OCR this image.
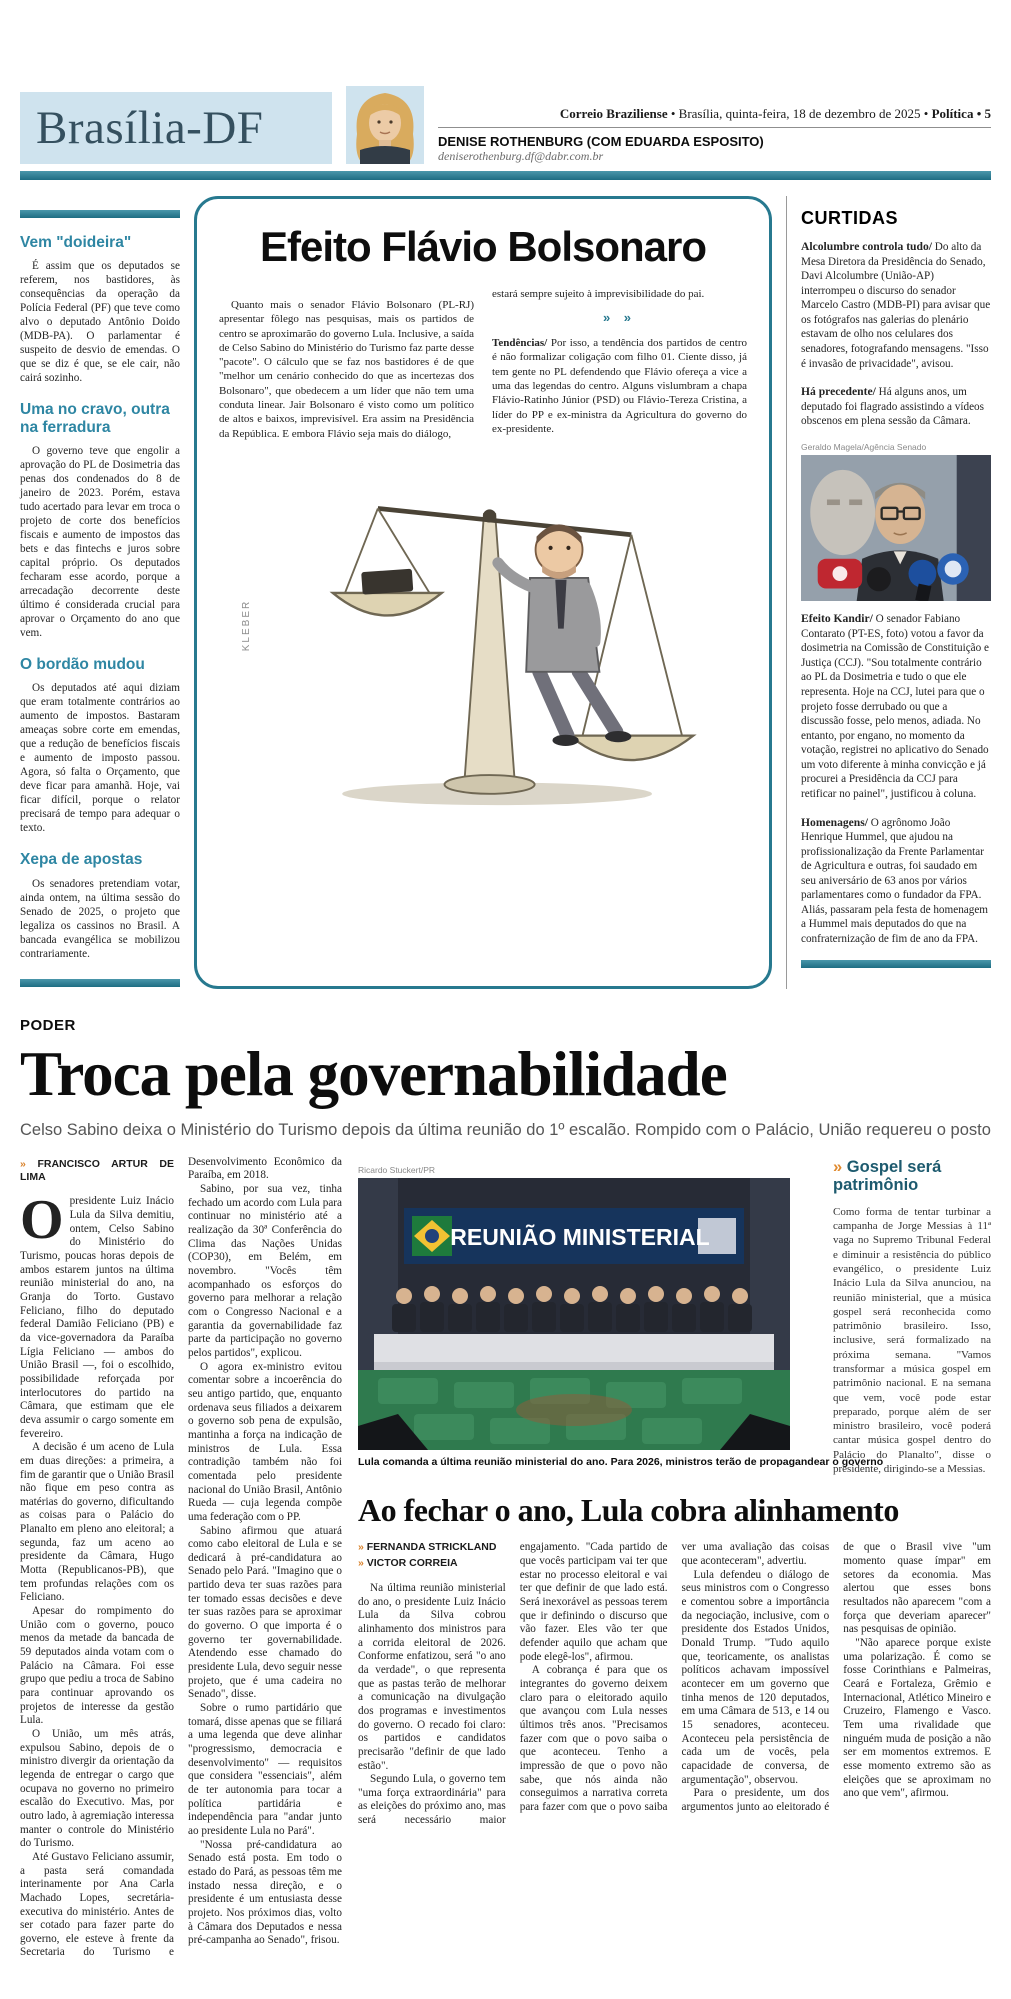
Brasília-DF	Correio Braziliense • Brasília, quinta-feira, 18 de dezembro de 2025 • Política • 5
DENISE ROTHENBURG (COM EDUARDA ESPOSITO)
deniserothenburg.df@dabr.com.br
Vem "doideira"

É assim que os deputados se referem, nos bastidores, às consequências da operação da Polícia Federal (PF) que teve como alvo o deputado Antônio Doido (MDB-PA). O parlamentar é suspeito de desvio de emendas. O que se diz é que, se ele cair, não cairá sozinho.

Uma no cravo, outra na ferradura

O governo teve que engolir a aprovação do PL de Dosimetria das penas dos condenados do 8 de janeiro de 2023. Porém, estava tudo acertado para levar em troca o projeto de corte dos benefícios fiscais e aumento de impostos das bets e das fintechs e juros sobre capital próprio. Os deputados fecharam esse acordo, porque a arrecadação decorrente deste último é considerada crucial para aprovar o Orçamento do ano que vem.

O bordão mudou

Os deputados até aqui diziam que eram totalmente contrários ao aumento de impostos. Bastaram ameaças sobre corte em emendas, que a redução de benefícios fiscais e aumento de imposto passou. Agora, só falta o Orçamento, que deve ficar para amanhã. Hoje, vai ficar difícil, porque o relator precisará de tempo para adequar o texto.

Xepa de apostas

Os senadores pretendiam votar, ainda ontem, na última sessão do Senado de 2025, o projeto que legaliza os cassinos no Brasil. A bancada evangélica se mobilizou contrariamente.

Efeito Flávio Bolsonaro

Quanto mais o senador Flávio Bolsonaro (PL-RJ) apresentar fôlego nas pesquisas, mais os partidos de centro se aproximarão do governo Lula. Inclusive, a saída de Celso Sabino do Ministério do Turismo faz parte desse "pacote". O cálculo que se faz nos bastidores é de que "melhor um cenário conhecido do que as incertezas dos Bolsonaro", que obedecem a um líder que não tem uma conduta linear. Jair Bolsonaro é visto como um político de altos e baixos, imprevisível. Era assim na Presidência da República. E embora Flávio seja mais do diálogo,

estará sempre sujeito à imprevisibilidade do pai.

» »

Tendências/ Por isso, a tendência dos partidos de centro é não formalizar coligação com filho 01. Ciente disso, já tem gente no PL defendendo que Flávio ofereça a vice a uma das legendas do centro. Alguns vislumbram a chapa Flávio-Ratinho Júnior (PSD) ou Flávio-Tereza Cristina, a líder do PP e ex-ministra da Agricultura do governo do ex-presidente.

KLEBER
CURTIDAS

Alcolumbre controla tudo/ Do alto da Mesa Diretora da Presidência do Senado, Davi Alcolumbre (União-AP) interrompeu o discurso do senador Marcelo Castro (MDB-PI) para avisar que os fotógrafos nas galerias do plenário estavam de olho nos celulares dos senadores, fotografando mensagens. "Isso é invasão de privacidade", avisou.

Há precedente/ Há alguns anos, um deputado foi flagrado assistindo a vídeos obscenos em plena sessão da Câmara.

Geraldo Magela/Agência Senado

Efeito Kandir/ O senador Fabiano Contarato (PT-ES, foto) votou a favor da dosimetria na Comissão de Constituição e Justiça (CCJ). "Sou totalmente contrário ao PL da Dosimetria e tudo o que ele representa. Hoje na CCJ, lutei para que o projeto fosse derrubado ou que a discussão fosse, pelo menos, adiada. No entanto, por engano, no momento da votação, registrei no aplicativo do Senado um voto diferente à minha convicção e já procurei a Presidência da CCJ para retificar no painel", justificou à coluna.

Homenagens/ O agrônomo João Henrique Hummel, que ajudou na profissionalização da Frente Parlamentar de Agricultura e outras, foi saudado em seu aniversário de 63 anos por vários parlamentares como o fundador da FPA. Aliás, passaram pela festa de homenagem a Hummel mais deputados do que na confraternização de fim de ano da FPA.

PODER
Troca pela governabilidade

Celso Sabino deixa o Ministério do Turismo depois da última reunião do 1º escalão. Rompido com o Palácio, União requereu o posto

» FRANCISCO ARTUR DE LIMA

Opresidente Luiz Inácio Lula da Silva demitiu, ontem, Celso Sabino do Ministério do Turismo, poucas horas depois de ambos estarem juntos na última reunião ministerial do ano, na Granja do Torto. Gustavo Feliciano, filho do deputado federal Damião Feliciano (PB) e da vice-governadora da Paraíba Lígia Feliciano — ambos do União Brasil —, foi o escolhido, possibilidade reforçada por interlocutores do partido na Câmara, que estimam que ele deva assumir o cargo somente em fevereiro.

A decisão é um aceno de Lula em duas direções: a primeira, a fim de garantir que o União Brasil não fique em peso contra as matérias do governo, dificultando as coisas para o Palácio do Planalto em pleno ano eleitoral; a segunda, faz um aceno ao presidente da Câmara, Hugo Motta (Republicanos-PB), que tem profundas relações com os Feliciano.

Apesar do rompimento do União com o governo, pouco menos da metade da bancada de 59 deputados ainda votam com o Palácio na Câmara. Foi esse grupo que pediu a troca de Sabino para continuar aprovando os projetos de interesse da gestão Lula.

O União, um mês atrás, expulsou Sabino, depois de o ministro divergir da orientação da legenda de entregar o cargo que ocupava no governo no primeiro escalão do Executivo. Mas, por outro lado, à agremiação interessa manter o controle do Ministério do Turismo.

Até Gustavo Feliciano assumir, a pasta será comandada interinamente por Ana Carla Machado Lopes, secretária-executiva do ministério. Antes de ser cotado para fazer parte do governo, ele esteve à frente da Secretaria do Turismo e Desenvolvimento Econômico da Paraíba, em 2018.

Sabino, por sua vez, tinha fechado um acordo com Lula para continuar no ministério até a realização da 30ª Conferência do Clima das Nações Unidas (COP30), em Belém, em novembro. "Vocês têm acompanhado os esforços do governo para melhorar a relação com o Congresso Nacional e a garantia da governabilidade faz parte da participação no governo pelos partidos", explicou.

O agora ex-ministro evitou comentar sobre a incoerência do seu antigo partido, que, enquanto ordenava seus filiados a deixarem o governo sob pena de expulsão, mantinha a força na indicação de ministros de Lula. Essa contradição também não foi comentada pelo presidente nacional do União Brasil, Antônio Rueda — cuja legenda compõe uma federação com o PP.

Sabino afirmou que atuará como cabo eleitoral de Lula e se dedicará à pré-candidatura ao Senado pelo Pará. "Imagino que o partido deva ter suas razões para ter tomado essas decisões e deve ter suas razões para se aproximar do governo. O que importa é o governo ter governabilidade. Atendendo esse chamado do presidente Lula, devo seguir nesse projeto, que é uma cadeira no Senado", disse.

Sobre o rumo partidário que tomará, disse apenas que se filiará a uma legenda que deve alinhar "progressismo, democracia e desenvolvimento" — requisitos que considera "essenciais", além de ter autonomia para tocar a política partidária e independência para "andar junto ao presidente Lula no Pará".

"Nossa pré-candidatura ao Senado está posta. Em todo o estado do Pará, as pessoas têm me instado nessa direção, e o presidente é um entusiasta desse projeto. Nos próximos dias, volto à Câmara dos Deputados e nessa pré-campanha ao Senado", frisou.

Ricardo Stuckert/PR
REUNIÃO MINISTERIAL
Lula comanda a última reunião ministerial do ano. Para 2026, ministros terão de propagandear o governo
» Gospel será patrimônio

Como forma de tentar turbinar a campanha de Jorge Messias à 11ª vaga no Supremo Tribunal Federal e diminuir a resistência do público evangélico, o presidente Luiz Inácio Lula da Silva anunciou, na reunião ministerial, que a música gospel será reconhecida como patrimônio brasileiro. Isso, inclusive, será formalizado na próxima semana. "Vamos transformar a música gospel em patrimônio nacional. E na semana que vem, você pode estar preparado, porque além de ser ministro brasileiro, você poderá cantar música gospel dentro do Palácio do Planalto", disse o presidente, dirigindo-se a Messias.

Ao fechar o ano, Lula cobra alinhamento
» FERNANDA STRICKLAND
» VICTOR CORREIA

Na última reunião ministerial do ano, o presidente Luiz Inácio Lula da Silva cobrou alinhamento dos ministros para a corrida eleitoral de 2026. Conforme enfatizou, será "o ano da verdade", o que representa que as pastas terão de melhorar a comunicação na divulgação dos programas e investimentos do governo. O recado foi claro: os partidos e candidatos precisarão "definir de que lado estão".

Segundo Lula, o governo tem "uma força extraordinária" para as eleições do próximo ano, mas será necessário maior engajamento. "Cada partido de que vocês participam vai ter que estar no processo eleitoral e vai ter que definir de que lado está. Será inexorável as pessoas terem que ir definindo o discurso que vão fazer. Eles vão ter que defender aquilo que acham que pode elegê-los", afirmou.

A cobrança é para que os integrantes do governo deixem claro para o eleitorado aquilo que avançou com Lula nesses últimos três anos. "Precisamos fazer com que o povo saiba o que aconteceu. Tenho a impressão de que o povo não sabe, que nós ainda não conseguimos a narrativa correta para fazer com que o povo saiba ver uma avaliação das coisas que aconteceram", advertiu.

Lula defendeu o diálogo de seus ministros com o Congresso e comentou sobre a importância da negociação, inclusive, com o presidente dos Estados Unidos, Donald Trump. "Tudo aquilo que, teoricamente, os analistas políticos achavam impossível acontecer em um governo que tinha menos de 120 deputados, em uma Câmara de 513, e 14 ou 15 senadores, aconteceu. Aconteceu pela persistência de cada um de vocês, pela capacidade de conversa, de argumentação", observou.

Para o presidente, um dos argumentos junto ao eleitorado é de que o Brasil vive "um momento quase ímpar" em setores da economia. Mas alertou que esses bons resultados não aparecem "com a força que deveriam aparecer" nas pesquisas de opinião.

"Não aparece porque existe uma polarização. É como se fosse Corinthians e Palmeiras, Ceará e Fortaleza, Grêmio e Internacional, Atlético Mineiro e Cruzeiro, Flamengo e Vasco. Tem uma rivalidade que ninguém muda de posição a não ser em momentos extremos. E esse momento extremo são as eleições que se aproximam no ano que vem", afirmou.
